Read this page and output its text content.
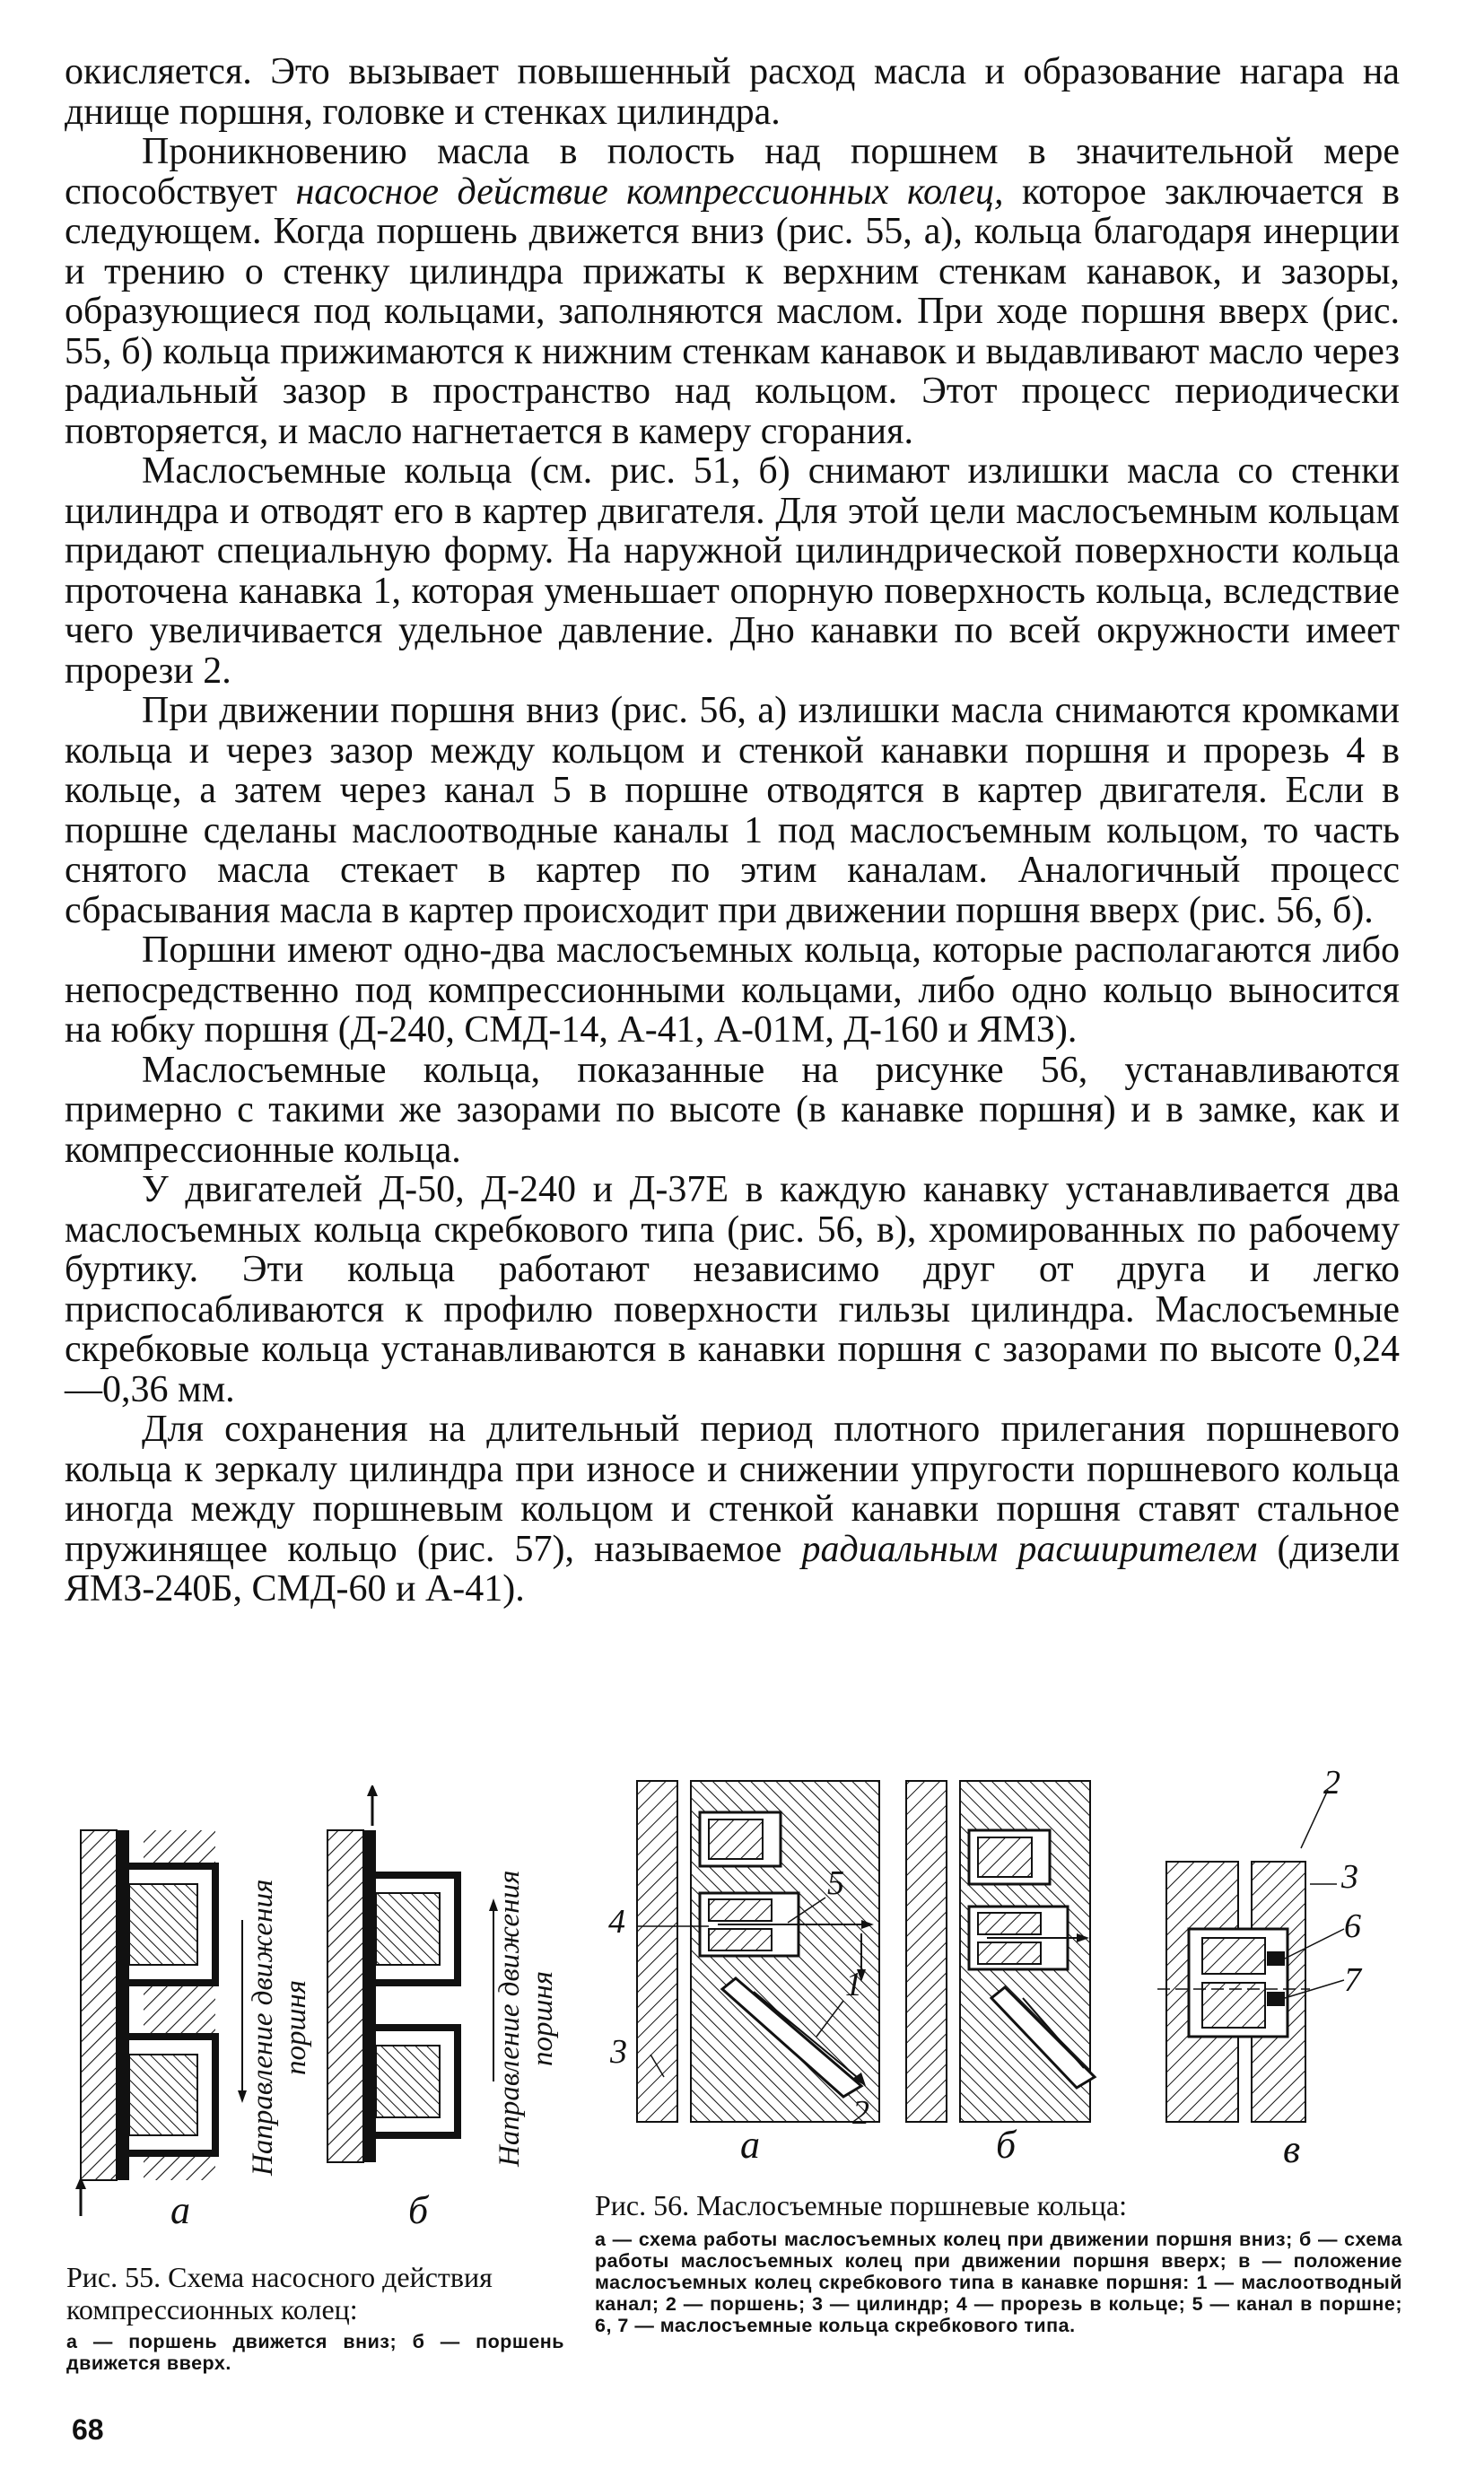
окисляется. Это вызывает повышенный расход масла и образование нагара на днище поршня, головке и стенках цилиндра.

Проникновению масла в полость над поршнем в значительной мере способствует насосное действие компрессионных колец, которое заключается в следующем. Когда поршень движется вниз (рис. 55, а), кольца благодаря инерции и трению о стенку цилиндра прижаты к верхним стенкам канавок, и зазоры, образующиеся под кольцами, заполняются маслом. При ходе поршня вверх (рис. 55, б) кольца прижимаются к нижним стенкам канавок и выдавливают масло через радиальный зазор в пространство над кольцом. Этот процесс периодически повторяется, и масло нагнетается в камеру сгорания.

Маслосъемные кольца (см. рис. 51, б) снимают излишки масла со стенки цилиндра и отводят его в картер двигателя. Для этой цели маслосъемным кольцам придают специальную форму. На наружной цилиндрической поверхности кольца проточена канавка 1, которая уменьшает опорную поверхность кольца, вследствие чего увеличивается удельное давление. Дно канавки по всей окружности имеет прорези 2.

При движении поршня вниз (рис. 56, а) излишки масла снимаются кромками кольца и через зазор между кольцом и стенкой канавки поршня и прорезь 4 в кольце, а затем через канал 5 в поршне отводятся в картер двигателя. Если в поршне сделаны маслоотводные каналы 1 под маслосъемным кольцом, то часть снятого масла стекает в картер по этим каналам. Аналогичный процесс сбрасывания масла в картер происходит при движении поршня вверх (рис. 56, б).

Поршни имеют одно-два маслосъемных кольца, которые располагаются либо непосредственно под компрессионными кольцами, либо одно кольцо выносится на юбку поршня (Д-240, СМД-14, А-41, А-01М, Д-160 и ЯМЗ).

Маслосъемные кольца, показанные на рисунке 56, устанавливаются примерно с такими же зазорами по высоте (в канавке поршня) и в замке, как и компрессионные кольца.

У двигателей Д-50, Д-240 и Д-37Е в каждую канавку устанавливается два маслосъемных кольца скребкового типа (рис. 56, в), хромированных по рабочему буртику. Эти кольца работают независимо друг от друга и легко приспосабливаются к профилю поверхности гильзы цилиндра. Маслосъемные скребковые кольца устанавливаются в канавки поршня с зазорами по высоте 0,24—0,36 мм.

Для сохранения на длительный период плотного прилегания поршневого кольца к зеркалу цилиндра при износе и снижении упругости поршневого кольца иногда между поршневым кольцом и стенкой канавки поршня ставят стальное пружинящее кольцо (рис. 57), называемое радиальным расширителем (дизели ЯМЗ-240Б, СМД-60 и А-41).

Направление движения поршня	Направление движения поршня
а	б
Рис. 55. Схема насосного действия компрессионных колец:
а — поршень движется вниз; б — поршень движется вверх.
4
5
3
1
2
2
3
6
7
а	б	в
Рис. 56. Маслосъемные поршневые кольца:
а — схема работы маслосъемных колец при движении поршня вниз; б — схема работы маслосъемных колец при движении поршня вверх; в — положение маслосъемных колец скребкового типа в канавке поршня: 1 — маслоотводный канал; 2 — поршень; 3 — цилиндр; 4 — прорезь в кольце; 5 — канал в поршне; 6, 7 — маслосъемные кольца скребкового типа.
68
